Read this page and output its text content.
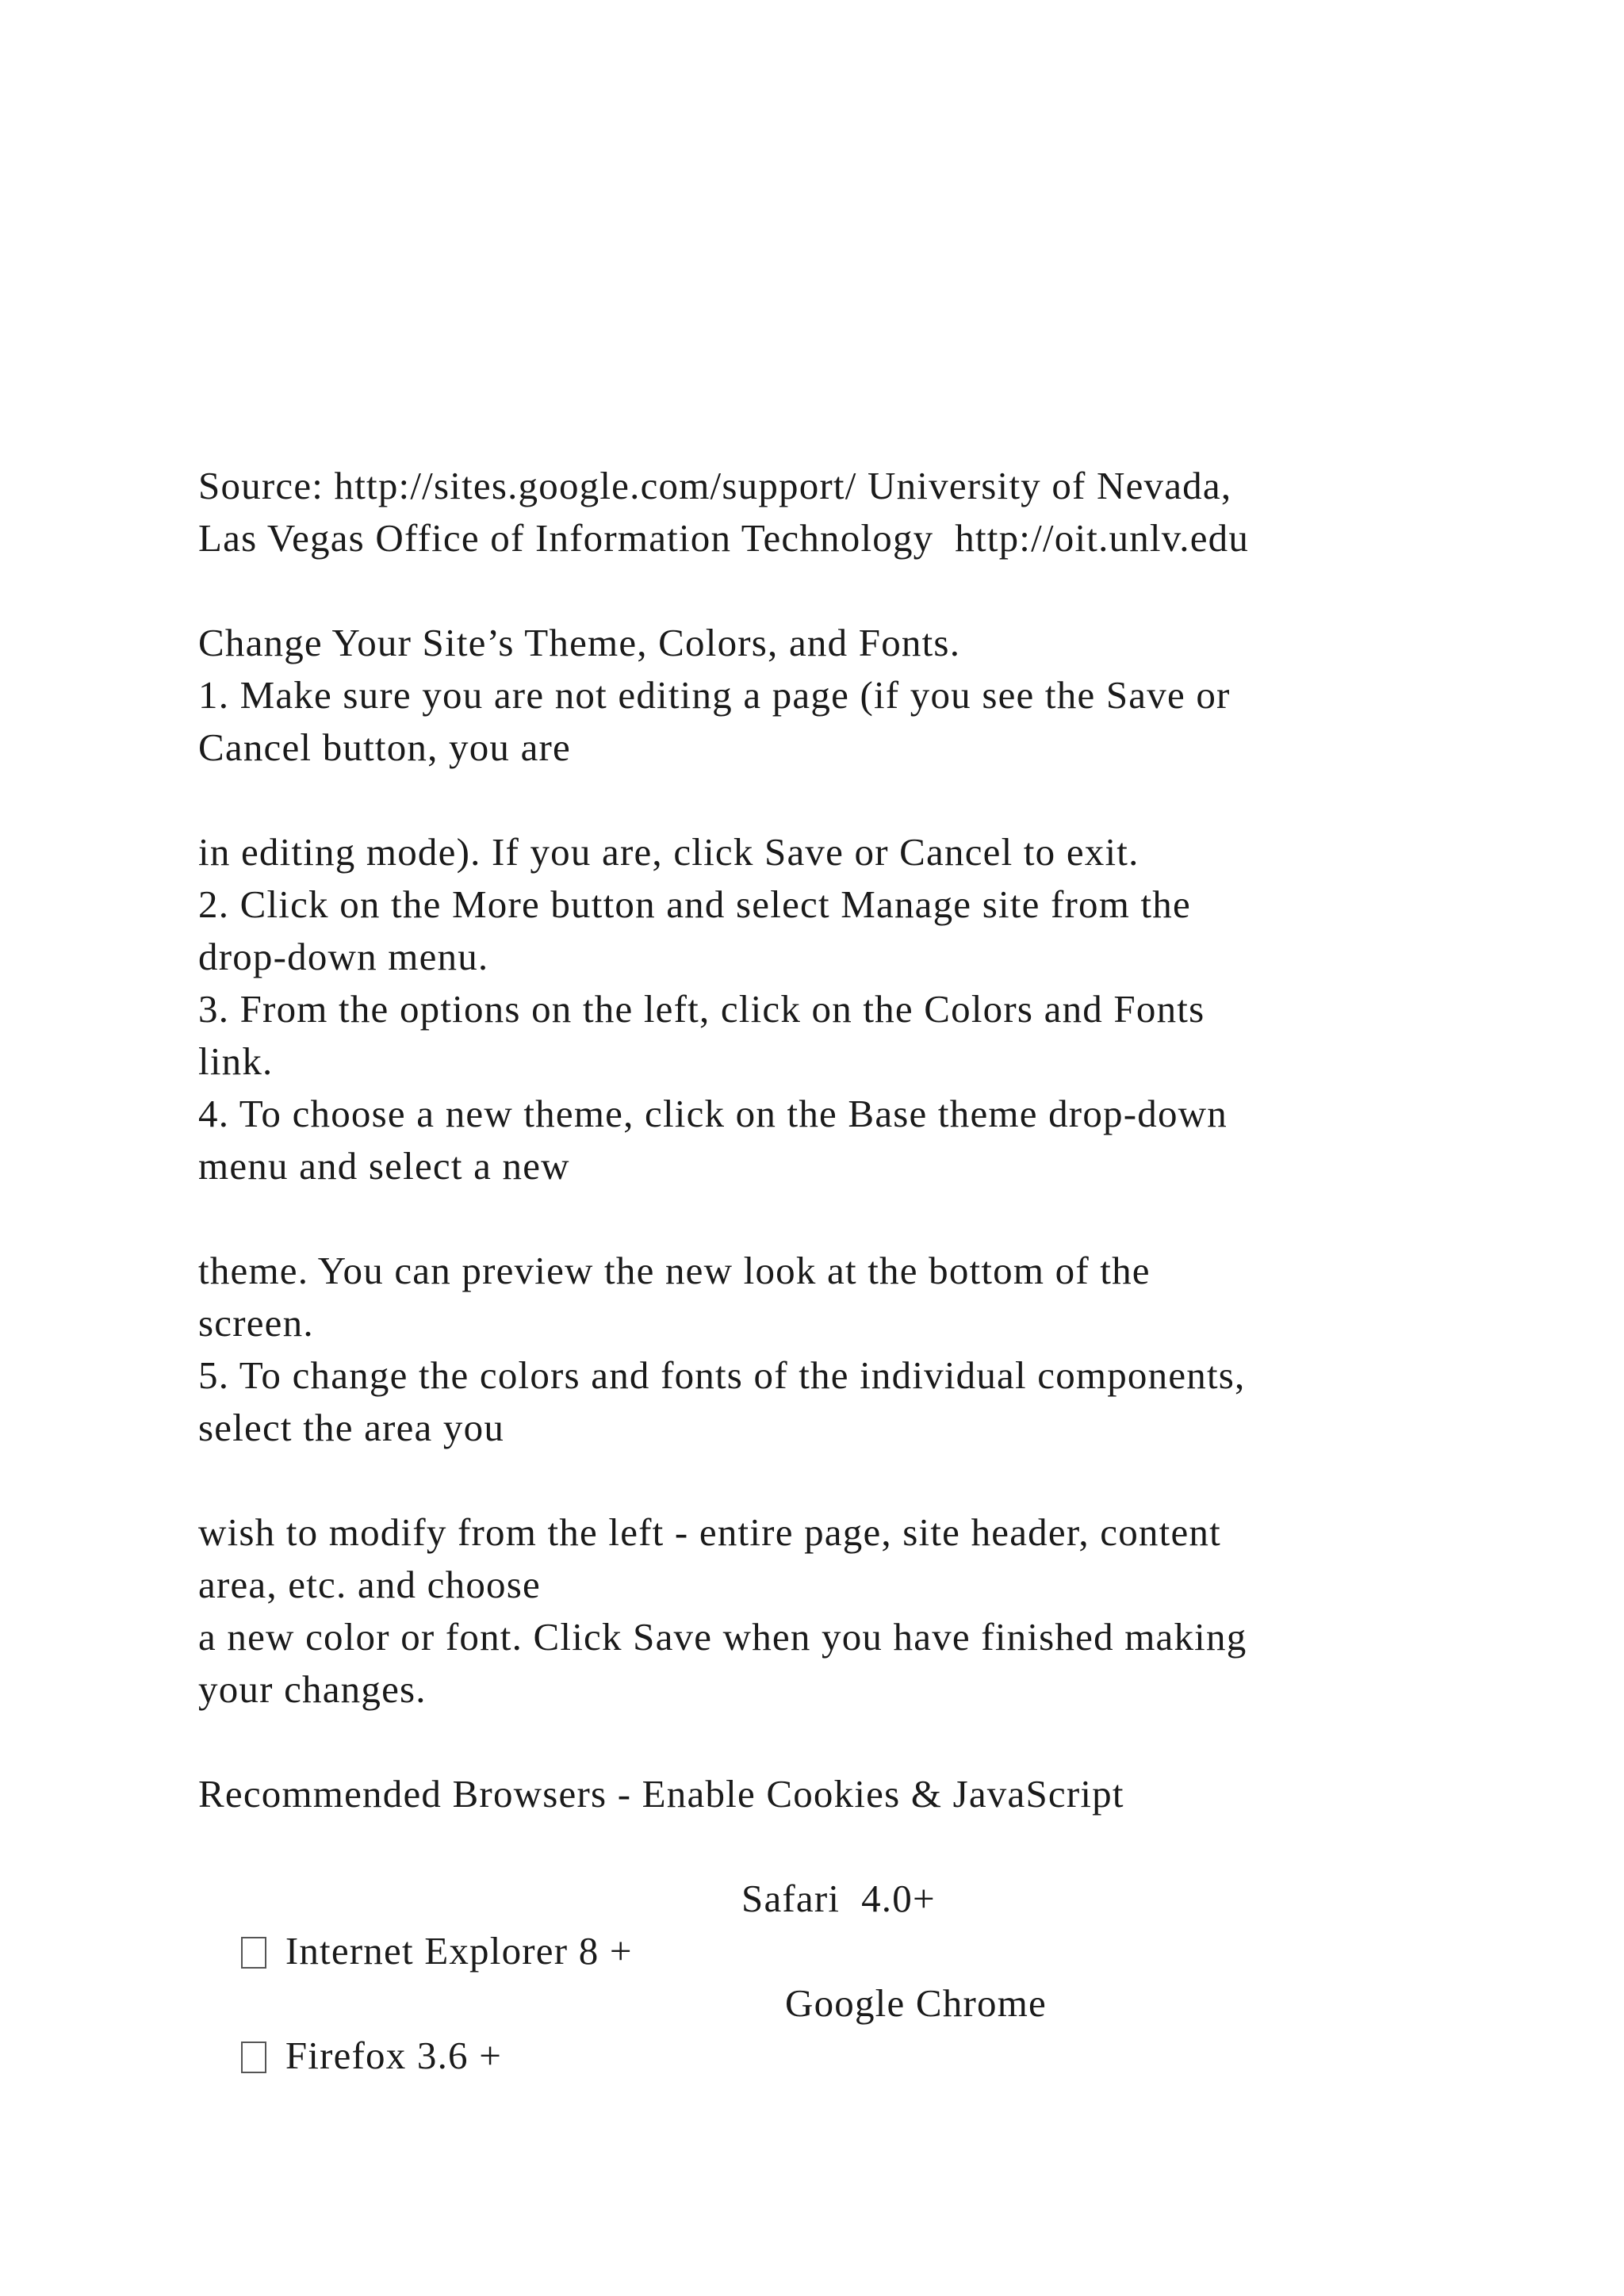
Source: http://sites.google.com/support/ University of Nevada,
Las Vegas Office of Information Technology  http://oit.unlv.edu
Change Your Site’s Theme, Colors, and Fonts.
1. Make sure you are not editing a page (if you see the Save or
Cancel button, you are
in editing mode). If you are, click Save or Cancel to exit.
2. Click on the More button and select Manage site from the
drop-down menu.
3. From the options on the left, click on the Colors and Fonts
link.
4. To choose a new theme, click on the Base theme drop-down
menu and select a new
theme. You can preview the new look at the bottom of the
screen.
5. To change the colors and fonts of the individual components,
select the area you
wish to modify from the left - entire page, site header, content
area, etc. and choose
a new color or font. Click Save when you have finished making
your changes.
Recommended Browsers - Enable Cookies & JavaScript

Internet Explorer 8 +

Safari  4.0+

Firefox 3.6 +

Google Chrome
